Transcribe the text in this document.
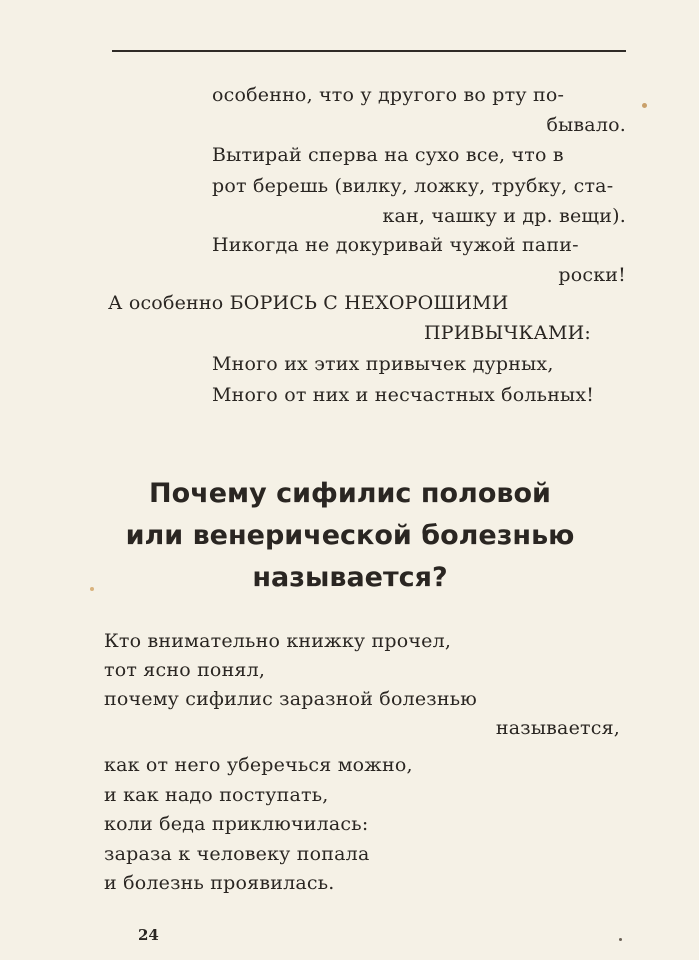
особенно, что у другого во рту по-
бывало.
Вытирай сперва на сухо все, что в
рот берешь (вилку, ложку, трубку, ста-
кан, чашку и др. вещи).
Никогда не докуривай чужой папи-
роски!
А особенно БОРИСЬ С НЕХОРОШИМИ
ПРИВЫЧКАМИ:
Много их этих привычек дурных,
Много от них и несчастных больных!
Почему сифилис половой
или венерической болезнью
называется?
Кто внимательно книжку прочел,
тот ясно понял,
почему сифилис заразной болезнью
называется,
как от него уберечься можно,
и как надо поступать,
коли беда приключилась:
зараза к человеку попала
и болезнь проявилась.
24
